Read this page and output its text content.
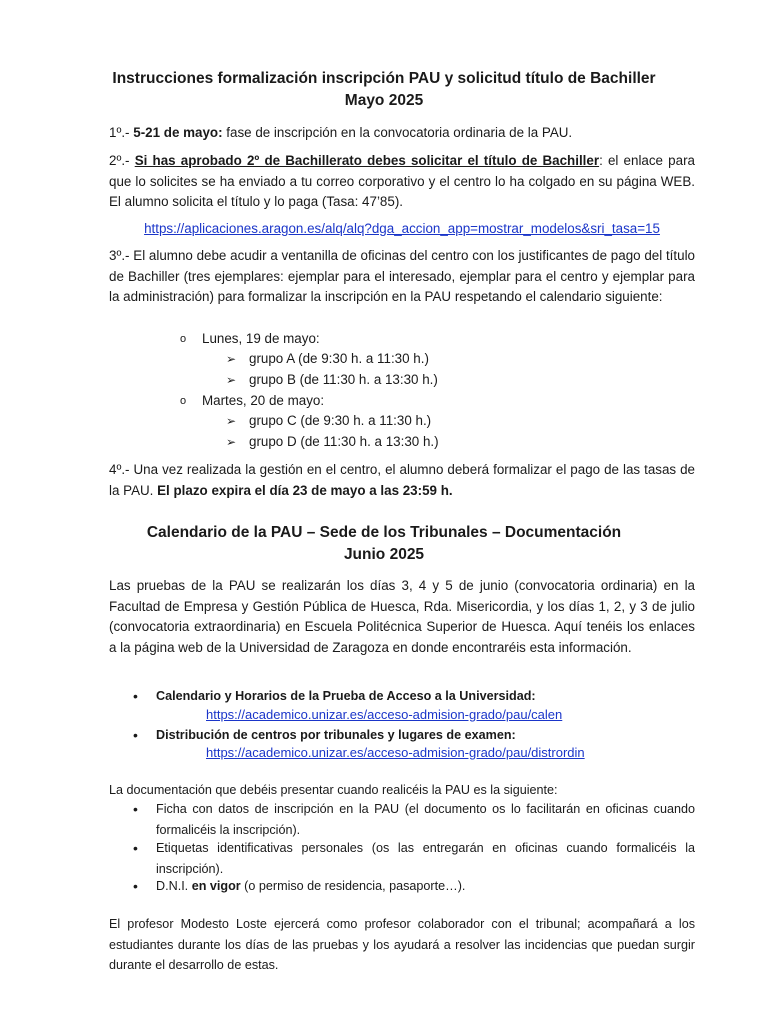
Instrucciones formalización inscripción PAU y solicitud título de Bachiller
Mayo 2025

1º.- 5-21 de mayo: fase de inscripción en la convocatoria ordinaria de la PAU.

2º.- Si has aprobado 2º de Bachillerato debes solicitar el título de Bachiller: el enlace para que lo solicites se ha enviado a tu correo corporativo y el centro lo ha colgado en su página WEB. El alumno solicita el título y lo paga (Tasa: 47’85).

https://aplicaciones.aragon.es/alq/alq?dga_accion_app=mostrar_modelos&sri_tasa=15

3º.- El alumno debe acudir a ventanilla de oficinas del centro con los justificantes de pago del título de Bachiller (tres ejemplares: ejemplar para el interesado, ejemplar para el centro y ejemplar para la administración) para formalizar la inscripción en la PAU respetando el calendario siguiente:

o	Lunes, 19 de mayo:
➢ grupo A (de 9:30 h. a 11:30 h.)
➢ grupo B (de 11:30 h. a 13:30 h.)
o	Martes, 20 de mayo:
➢ grupo C (de 9:30 h. a 11:30 h.)
➢ grupo D (de 11:30 h. a 13:30 h.)

4º.- Una vez realizada la gestión en el centro, el alumno deberá formalizar el pago de las tasas de la PAU. El plazo expira el día 23 de mayo a las 23:59 h.

Calendario de la PAU – Sede de los Tribunales – Documentación
Junio 2025

Las pruebas de la PAU se realizarán los días 3, 4 y 5 de junio (convocatoria ordinaria) en la Facultad de Empresa y Gestión Pública de Huesca, Rda. Misericordia, y los días 1, 2, y 3 de julio (convocatoria extraordinaria) en Escuela Politécnica Superior de Huesca. Aquí tenéis los enlaces a la página web de la Universidad de Zaragoza en donde encontraréis esta información.

•	Calendario y Horarios de la Prueba de Acceso a la Universidad:
https://academico.unizar.es/acceso-admision-grado/pau/calen
•	Distribución de centros por tribunales y lugares de examen:
https://academico.unizar.es/acceso-admision-grado/pau/distrordin

La documentación que debéis presentar cuando realicéis la PAU es la siguiente:

•	Ficha con datos de inscripción en la PAU (el documento os lo facilitarán en oficinas cuando formalicéis la inscripción).
•	Etiquetas identificativas personales (os las entregarán en oficinas cuando formalicéis la inscripción).
•	D.N.I. en vigor (o permiso de residencia, pasaporte…).

El profesor Modesto Loste ejercerá como profesor colaborador con el tribunal; acompañará a los estudiantes durante los días de las pruebas y los ayudará a resolver las incidencias que puedan surgir durante el desarrollo de estas.
